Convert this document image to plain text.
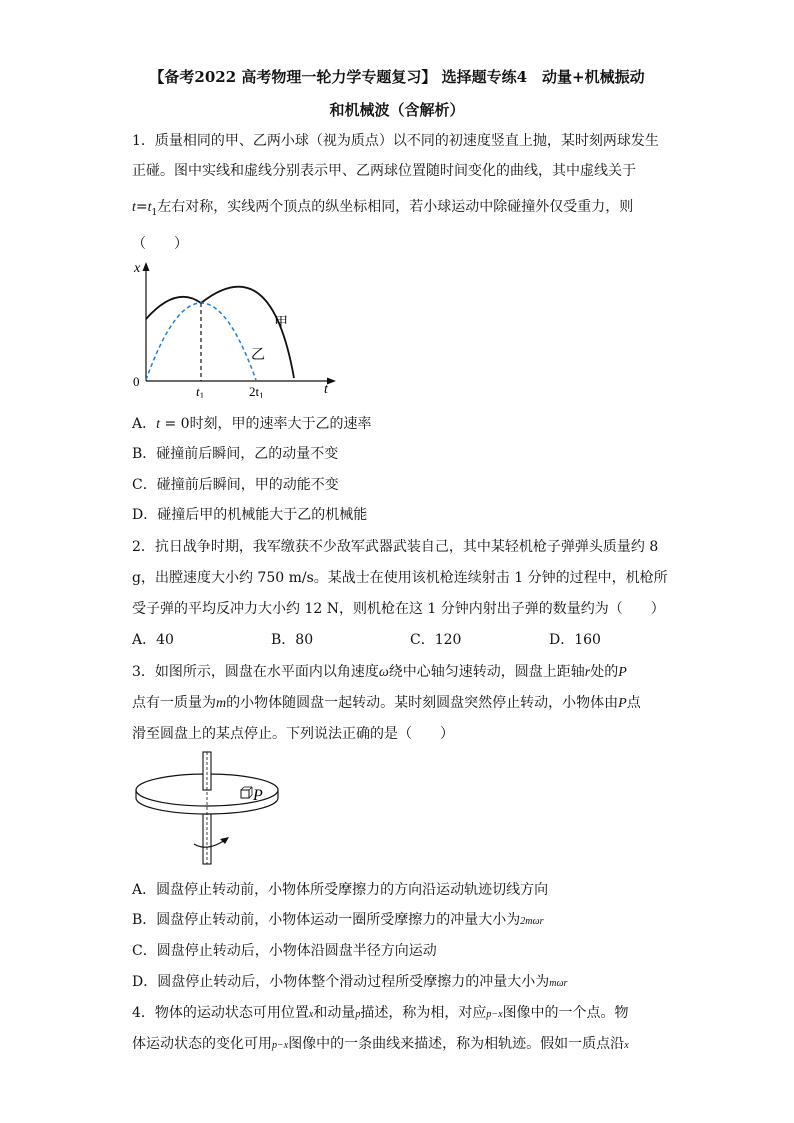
【备考2022 高考物理一轮力学专题复习】 选择题专练4　动量+机械振动
和机械波（含解析）
1．质量相同的甲、乙两小球（视为质点）以不同的初速度竖直上抛，某时刻两球发生
正碰。图中实线和虚线分别表示甲、乙两球位置随时间变化的曲线，其中虚线关于
$t=t_1$左右对称，实线两个顶点的纵坐标相同，若小球运动中除碰撞外仅受重力，则
（　　）
x
t
0
$t_1$	$2t_1$
甲
乙
A．t = 0时刻，甲的速率大于乙的速率
B．碰撞前后瞬间，乙的动量不变
C．碰撞前后瞬间，甲的动能不变
D．碰撞后甲的机械能大于乙的机械能
2．抗日战争时期，我军缴获不少敌军武器武装自己，其中某轻机枪子弹弹头质量约 8
g，出膛速度大小约 750 m/s。某战士在使用该机枪连续射击 1 分钟的过程中，机枪所
受子弹的平均反冲力大小约 12 N，则机枪在这 1 分钟内射出子弹的数量约为（　　）
A．40	B．80	C．120	D．160
3．如图所示，圆盘在水平面内以角速度ω绕中心轴匀速转动，圆盘上距轴r处的P
点有一质量为m的小物体随圆盘一起转动。某时刻圆盘突然停止转动，小物体由P点
滑至圆盘上的某点停止。下列说法正确的是（　　）
P
A．圆盘停止转动前，小物体所受摩擦力的方向沿运动轨迹切线方向
B．圆盘停止转动前，小物体运动一圈所受摩擦力的冲量大小为2mωr
C．圆盘停止转动后，小物体沿圆盘半径方向运动
D．圆盘停止转动后，小物体整个滑动过程所受摩擦力的冲量大小为mωr
4．物体的运动状态可用位置x和动量p描述，称为相，对应p−x图像中的一个点。物
体运动状态的变化可用p−x图像中的一条曲线来描述，称为相轨迹。假如一质点沿x
